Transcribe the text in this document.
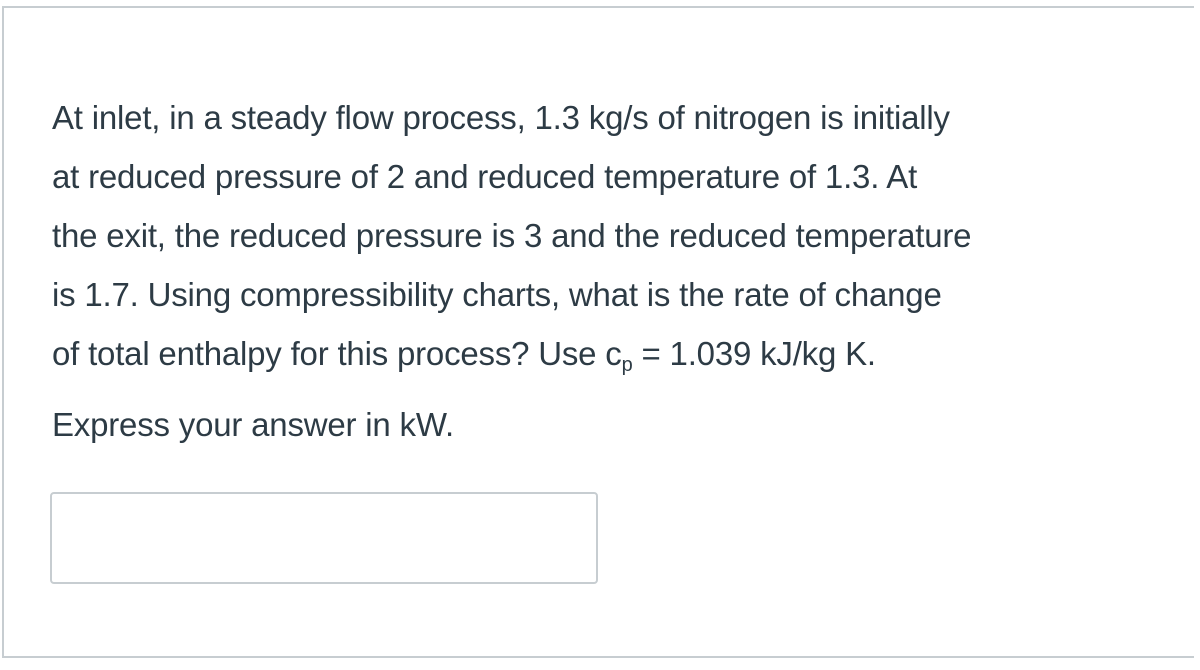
At inlet, in a steady flow process, 1.3 kg/s of nitrogen is initially
at reduced pressure of 2 and reduced temperature of 1.3. At
the exit, the reduced pressure is 3 and the reduced temperature
is 1.7. Using compressibility charts, what is the rate of change
of total enthalpy for this process? Use $c_p = 1.039$ kJ/kg K.
Express your answer in kW.
